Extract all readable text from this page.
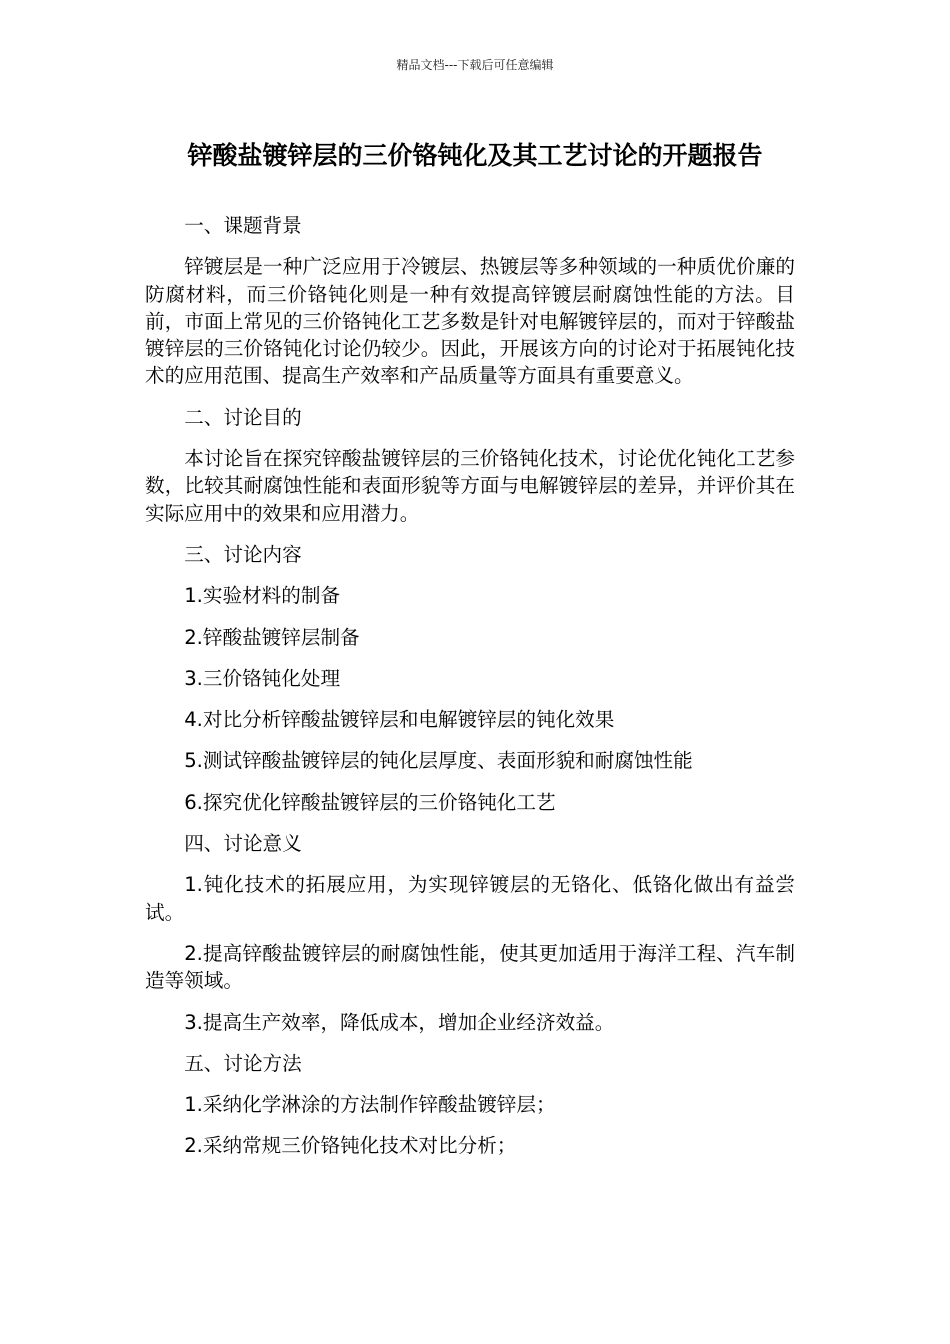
精品文档---下载后可任意编辑
锌酸盐镀锌层的三价铬钝化及其工艺讨论的开题报告

一、课题背景

锌镀层是一种广泛应用于冷镀层、热镀层等多种领域的一种质优价廉的防腐材料，而三价铬钝化则是一种有效提高锌镀层耐腐蚀性能的方法。目前，市面上常见的三价铬钝化工艺多数是针对电解镀锌层的，而对于锌酸盐镀锌层的三价铬钝化讨论仍较少。因此，开展该方向的讨论对于拓展钝化技术的应用范围、提高生产效率和产品质量等方面具有重要意义。

二、讨论目的

本讨论旨在探究锌酸盐镀锌层的三价铬钝化技术，讨论优化钝化工艺参数，比较其耐腐蚀性能和表面形貌等方面与电解镀锌层的差异，并评价其在实际应用中的效果和应用潜力。

三、讨论内容

1.实验材料的制备

2.锌酸盐镀锌层制备

3.三价铬钝化处理

4.对比分析锌酸盐镀锌层和电解镀锌层的钝化效果

5.测试锌酸盐镀锌层的钝化层厚度、表面形貌和耐腐蚀性能

6.探究优化锌酸盐镀锌层的三价铬钝化工艺

四、讨论意义

1.钝化技术的拓展应用，为实现锌镀层的无铬化、低铬化做出有益尝试。

2.提高锌酸盐镀锌层的耐腐蚀性能，使其更加适用于海洋工程、汽车制造等领域。

3.提高生产效率，降低成本，增加企业经济效益。

五、讨论方法

1.采纳化学淋涂的方法制作锌酸盐镀锌层；

2.采纳常规三价铬钝化技术对比分析；
